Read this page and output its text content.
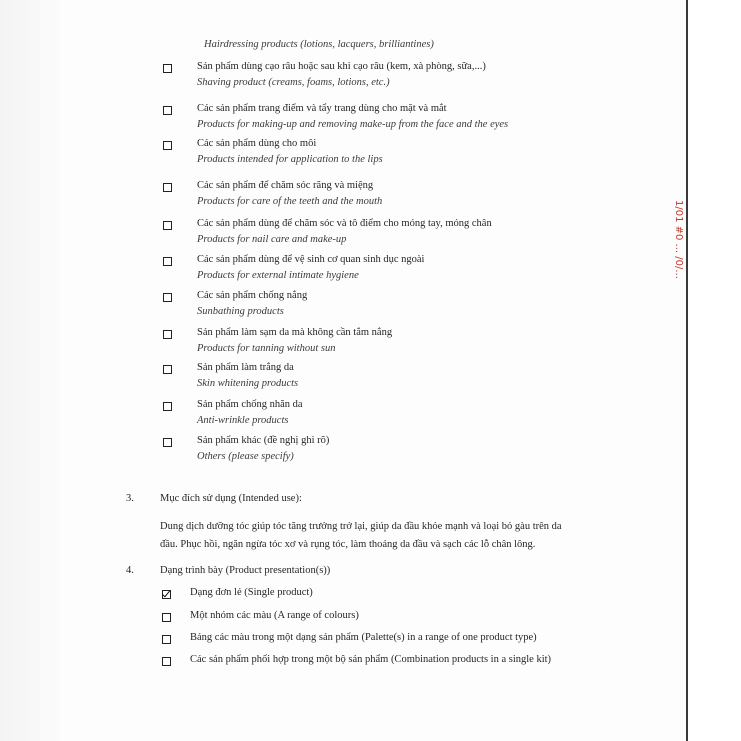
Hairdressing products (lotions, lacquers, brilliantines)
Sản phẩm dùng cạo râu hoặc sau khi cạo râu (kem, xà phòng, sữa,...)
Shaving product (creams, foams, lotions, etc.)
Các sản phẩm trang điểm và tẩy trang dùng cho mặt và mắt
Products for making-up and removing make-up from the face and the eyes
Các sản phẩm dùng cho môi
Products intended for application to the lips
Các sản phẩm để chăm sóc răng và miệng
Products for care of the teeth and the mouth
Các sản phẩm dùng để chăm sóc và tô điểm cho móng tay, móng chân
Products for nail care and make-up
Các sản phẩm dùng để vệ sinh cơ quan sinh dục ngoài
Products for external intimate hygiene
Các sản phẩm chống nắng
Sunbathing products
Sản phẩm làm sạm da mà không cần tắm nắng
Products for tanning without sun
Sản phẩm làm trắng da
Skin whitening products
Sản phẩm chống nhăn da
Anti-wrinkle products
Sản phẩm khác (đề nghị ghi rõ)
Others (please specify)
3. Mục đích sử dụng (Intended use):
Dung dịch dưỡng tóc giúp tóc tăng trưởng trở lại, giúp da đầu khỏe mạnh và loại bỏ gàu trên da
đầu. Phục hồi, ngăn ngừa tóc xơ và rụng tóc, làm thoáng da đầu và sạch các lỗ chân lông.
4. Dạng trình bày (Product presentation(s))
Dạng đơn lẻ (Single product)
Một nhóm các màu (A range of colours)
Bảng các màu trong một dạng sản phẩm (Palette(s) in a range of one product type)
Các sản phẩm phối hợp trong một bộ sản phẩm (Combination products in a single kit)
1/01 #0 ... /0/...
